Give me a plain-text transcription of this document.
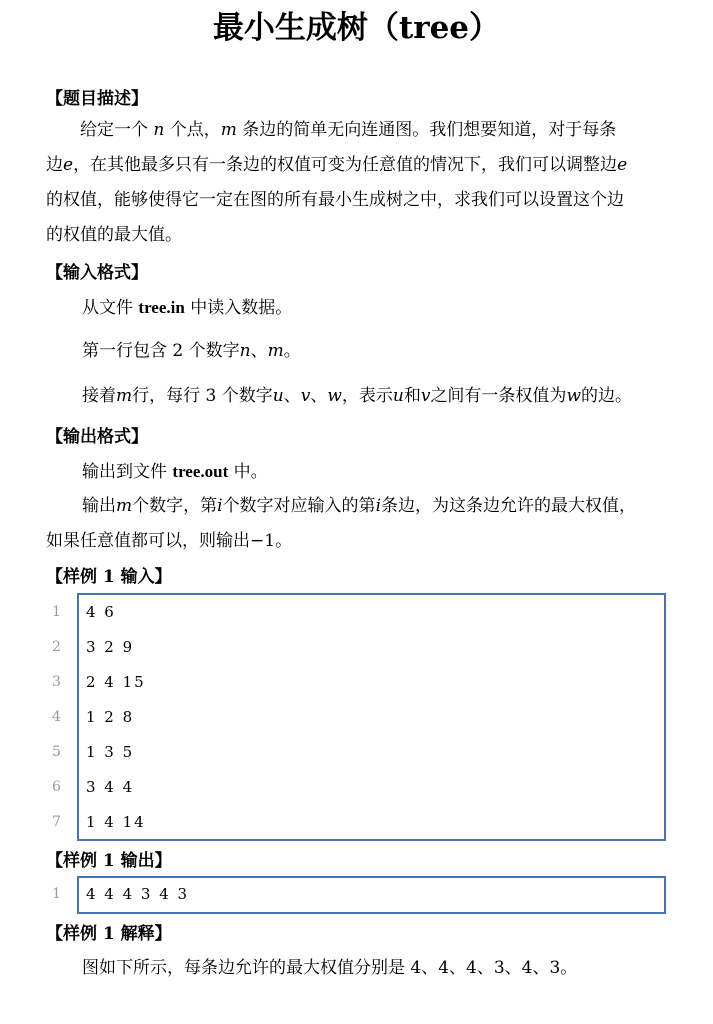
最小生成树（tree）
【题目描述】
给定一个 n 个点，m 条边的简单无向连通图。我们想要知道，对于每条
边e，在其他最多只有一条边的权值可变为任意值的情况下，我们可以调整边e
的权值，能够使得它一定在图的所有最小生成树之中，求我们可以设置这个边
的权值的最大值。
【输入格式】
从文件 tree.in 中读入数据。
第一行包含 2 个数字n、m。
接着m行，每行 3 个数字u、v、w，表示u和v之间有一条权值为w的边。
【输出格式】
输出到文件 tree.out 中。
输出m个数字，第i个数字对应输入的第i条边，为这条边允许的最大权值，
如果任意值都可以，则输出−1。
【样例 1 输入】
1
2
3
4
5
6
7
4 6
3 2 9
2 4 15
1 2 8
1 3 5
3 4 4
1 4 14
【样例 1 输出】
1 4 4 4 3 4 3
【样例 1 解释】
图如下所示，每条边允许的最大权值分别是 4、4、4、3、4、3。
